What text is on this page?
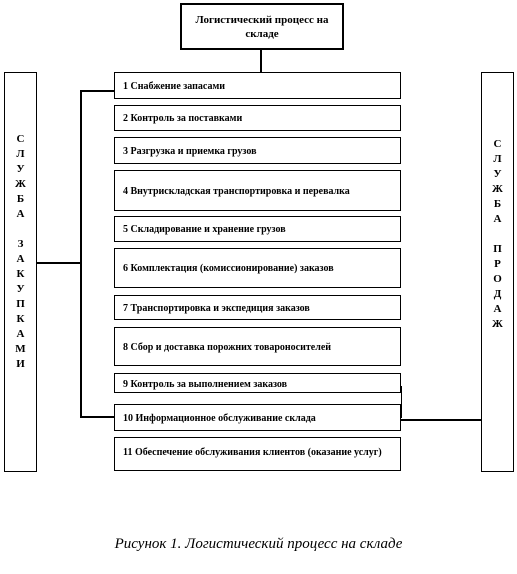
Логистический процесс на складе
С
Л
У
Ж
Б
А

З
А
К
У
П
К
А
М
И
С
Л
У
Ж
Б
А

П
Р
О
Д
А
Ж
1 Снабжение запасами
2 Контроль за поставками
3 Разгрузка и приемка грузов
4 Внутрискладская транспортировка и перевалка
5 Складирование и хранение грузов
6 Комплектация (комиссионирование) заказов
7 Транспортировка и экспедиция заказов
8 Сбор и доставка порожних товароносителей
9 Контроль за выполнением заказов
10 Информационное обслуживание склада
11 Обеспечение обслуживания клиентов (оказание услуг)
Рисунок 1. Логистический процесс на складе
